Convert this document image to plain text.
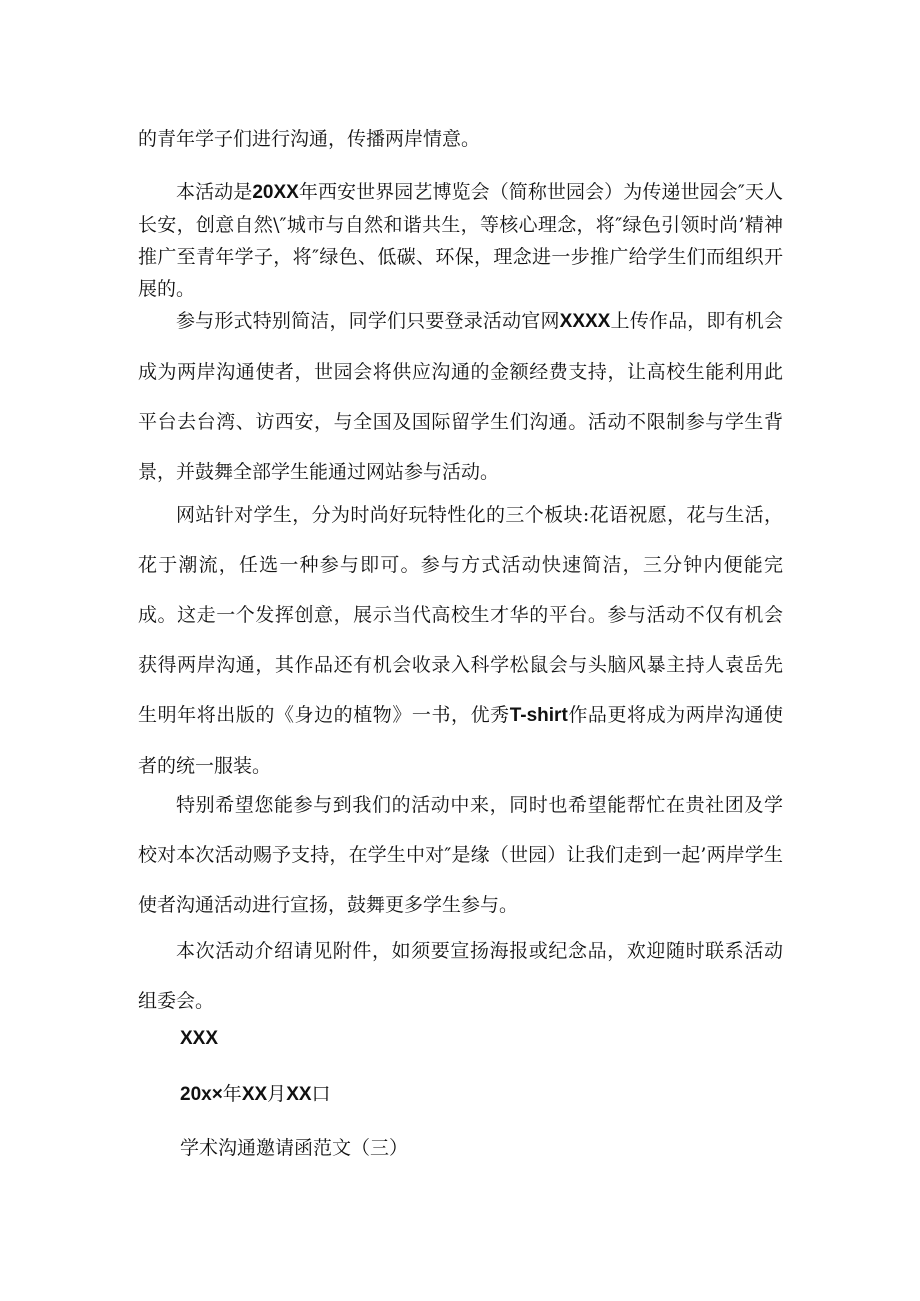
的青年学子们进行沟通，传播两岸情意。

本活动是20XX年西安世界园艺博览会（简称世园会）为传递世园会″天人长安，创意自然\″城市与自然和谐共生，等核心理念，将″绿色引领时尚’精神推广至青年学子，将″绿色、低碳、环保，理念进一步推广给学生们而组织开展的。

参与形式特别简洁，同学们只要登录活动官网XXXX上传作品，即有机会成为两岸沟通使者，世园会将供应沟通的金额经费支持，让高校生能利用此平台去台湾、访西安，与全国及国际留学生们沟通。活动不限制参与学生背景，并鼓舞全部学生能通过网站参与活动。

网站针对学生，分为时尚好玩特性化的三个板块:花语祝愿，花与生活，花于潮流，任选一种参与即可。参与方式活动快速简洁，三分钟内便能完成。这走一个发挥创意，展示当代高校生才华的平台。参与活动不仅有机会获得两岸沟通，其作品还有机会收录入科学松鼠会与头脑风暴主持人袁岳先生明年将出版的《身边的植物》一书，优秀T-shirt作品更将成为两岸沟通使者的统一服装。

特别希望您能参与到我们的活动中来，同时也希望能帮忙在贵社团及学校对本次活动赐予支持，在学生中对″是缘（世园）让我们走到一起’两岸学生使者沟通活动进行宣扬，鼓舞更多学生参与。

本次活动介绍请见附件，如须要宣扬海报或纪念品，欢迎随时联系活动组委会。

XXX

20x×年XX月XX口

学术沟通邀请函范文（三）
